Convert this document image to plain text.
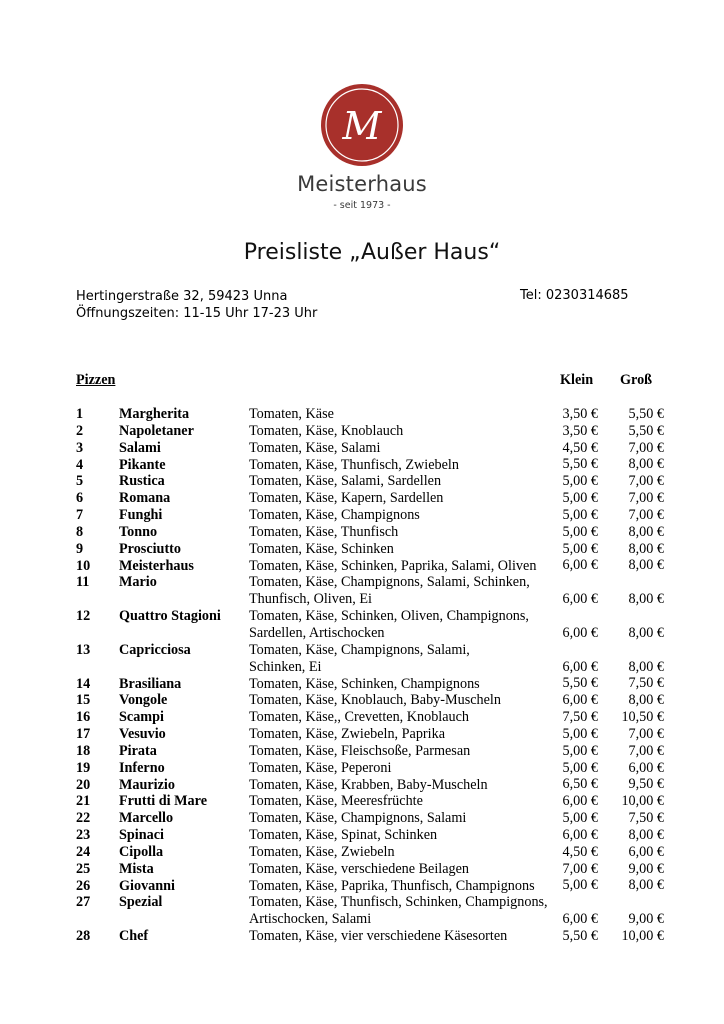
M
Meisterhaus
- seit 1973 -
Preisliste „Außer Haus“
Hertingerstraße 32, 59423 Unna
Öffnungszeiten: 11-15 Uhr 17-23 Uhr
Tel: 0230314685
Pizzen	Klein Groß
1	Margherita	Tomaten, Käse	3,50 € 5,50 €
2	Napoletaner	Tomaten, Käse, Knoblauch	3,50 € 5,50 €
3	Salami	Tomaten, Käse, Salami	4,50 € 7,00 €
4	Pikante	Tomaten, Käse, Thunfisch, Zwiebeln	5,50 € 8,00 €
5	Rustica	Tomaten, Käse, Salami, Sardellen	5,00 € 7,00 €
6	Romana	Tomaten, Käse, Kapern, Sardellen	5,00 € 7,00 €
7	Funghi	Tomaten, Käse, Champignons	5,00 € 7,00 €
8	Tonno	Tomaten, Käse, Thunfisch	5,00 € 8,00 €
9	Prosciutto	Tomaten, Käse, Schinken	5,00 € 8,00 €
10 Meisterhaus	Tomaten, Käse, Schinken, Paprika, Salami, Oliven	6,00 € 8,00 €
11 Mario	Tomaten, Käse, Champignons, Salami, Schinken,
Thunfisch, Oliven, Ei	6,00 € 8,00 €
12 Quattro Stagioni Tomaten, Käse, Schinken, Oliven, Champignons,
Sardellen, Artischocken	6,00 € 8,00 €
13 Capricciosa	Tomaten, Käse, Champignons, Salami,
Schinken, Ei	6,00 € 8,00 €
14 Brasiliana	Tomaten, Käse, Schinken, Champignons	5,50 € 7,50 €
15 Vongole	Tomaten, Käse, Knoblauch, Baby-Muscheln	6,00 € 8,00 €
16 Scampi	Tomaten, Käse,, Crevetten, Knoblauch	7,50 € 10,50 €
17 Vesuvio	Tomaten, Käse, Zwiebeln, Paprika	5,00 € 7,00 €
18 Pirata	Tomaten, Käse, Fleischsoße, Parmesan	5,00 € 7,00 €
19 Inferno	Tomaten, Käse, Peperoni	5,00 € 6,00 €
20 Maurizio	Tomaten, Käse, Krabben, Baby-Muscheln	6,50 € 9,50 €
21 Frutti di Mare	Tomaten, Käse, Meeresfrüchte	6,00 € 10,00 €
22 Marcello	Tomaten, Käse, Champignons, Salami	5,00 € 7,50 €
23 Spinaci	Tomaten, Käse, Spinat, Schinken	6,00 € 8,00 €
24 Cipolla	Tomaten, Käse, Zwiebeln	4,50 € 6,00 €
25 Mista	Tomaten, Käse, verschiedene Beilagen	7,00 € 9,00 €
26 Giovanni	Tomaten, Käse, Paprika, Thunfisch, Champignons	5,00 € 8,00 €
27 Spezial	Tomaten, Käse, Thunfisch, Schinken, Champignons,
Artischocken, Salami	6,00 € 9,00 €
28 Chef	Tomaten, Käse, vier verschiedene Käsesorten	5,50 € 10,00 €
